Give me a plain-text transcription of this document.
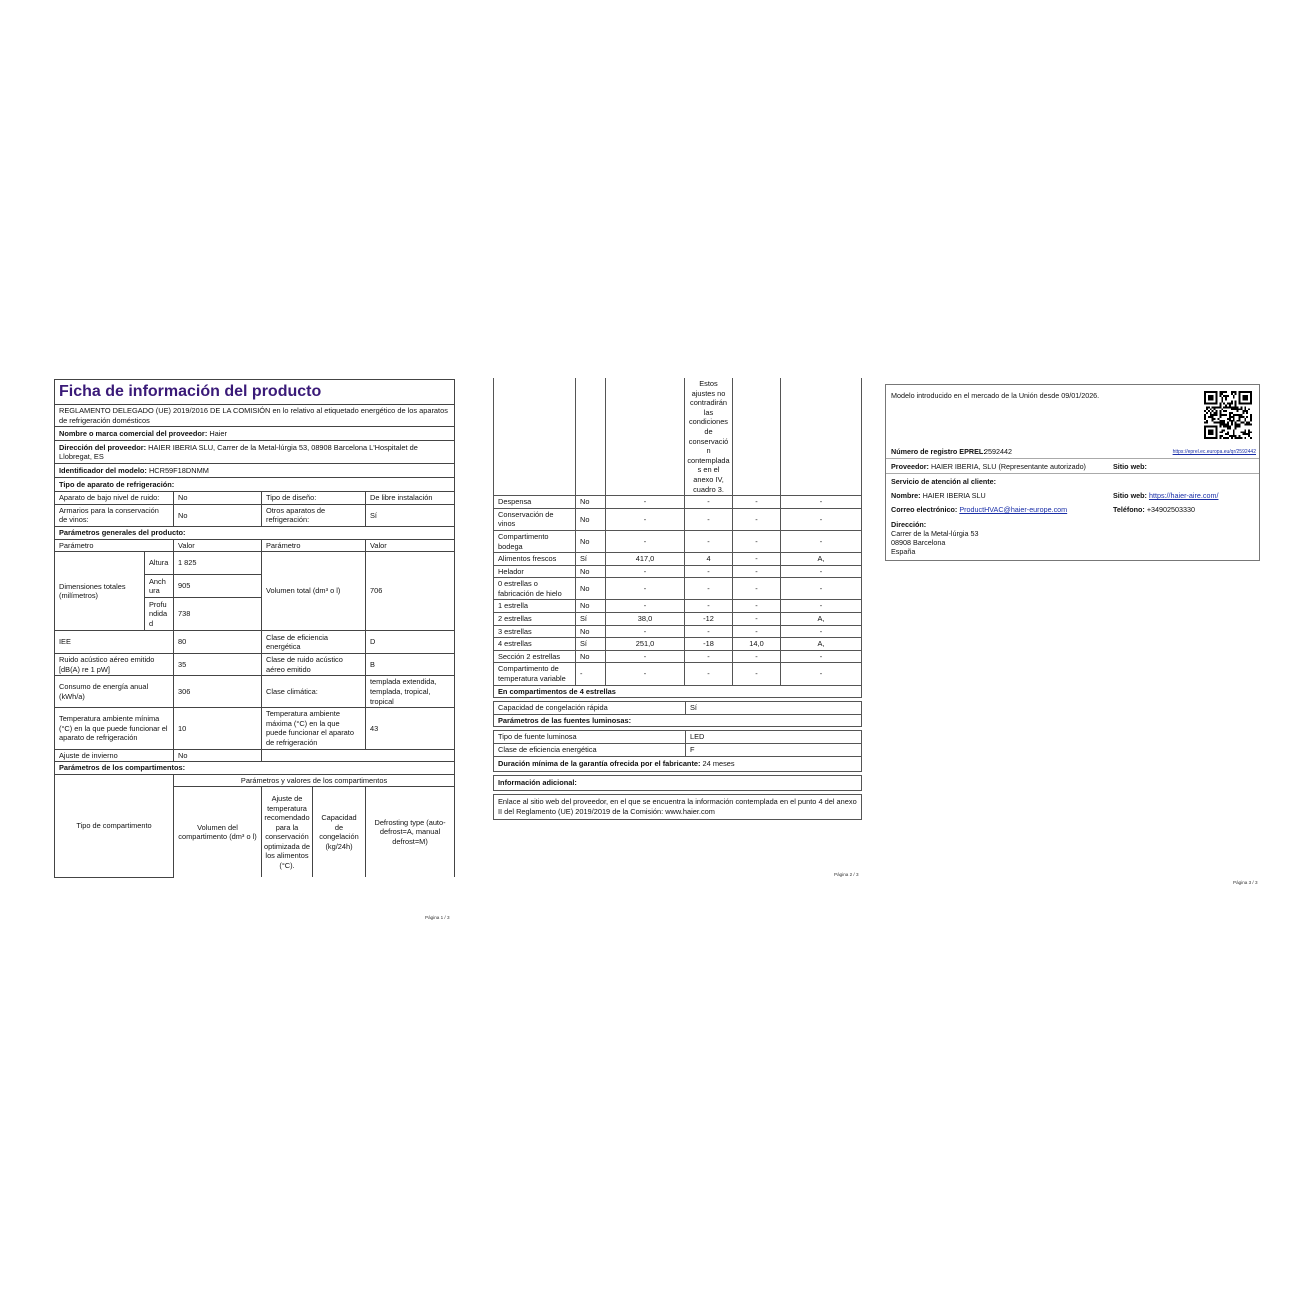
Ficha de información del producto				
REGLAMENTO DELEGADO (UE) 2019/2016 DE LA COMISIÓN en lo relativo al etiquetado energético de los aparatos de refrigeración domésticos				
Nombre o marca comercial del proveedor: Haier				
Dirección del proveedor: HAIER IBERIA SLU, Carrer de la Metal-lúrgia 53, 08908 Barcelona L'Hospitalet de Llobregat, ES				
Identificador del modelo: HCR59F18DNMM				
Tipo de aparato de refrigeración:				
Aparato de bajo nivel de ruido:		No	Tipo de diseño:	De libre instalación
Armarios para la conservación de vinos:		No	Otros aparatos de refrigeración:	Sí
Parámetros generales del producto:				
Parámetro		Valor	Parámetro	Valor
Dimensiones totales (milímetros)	Altura	1 825	Volumen total (dm³ o l)	706
	Anchura	905		
	Profundidad	738		
IEE		80	Clase de eficiencia energética	D
Ruido acústico aéreo emitido [dB(A) re 1 pW]		35	Clase de ruido acústico aéreo emitido	B
Consumo de energía anual (kWh/a)		306	Clase climática:	templada extendida, templada, tropical, tropical
Temperatura ambiente mínima (°C) en la que puede funcionar el aparato de refrigeración		10	Temperatura ambiente máxima (°C) en la que puede funcionar el aparato de refrigeración	43
Ajuste de invierno		No		
Parámetros de los compartimentos:				
Tipo de compartimento	Parámetros y valores de los compartimentos			
	Volumen del compartimento (dm³ o l)	Ajuste de temperatura recomendado para la conservación optimizada de los alimentos (°C).	Capacidad de congelación (kg/24h)	Defrosting type (auto-defrost=A, manual defrost=M)
Página 1 / 3
			Estos ajustes no contradirán las condiciones de conservación contempladas en el anexo IV, cuadro 3.		
Despensa	No	-	-	-	-
Conservación de vinos	No	-	-	-	-
Compartimento bodega	No	-	-	-	-
Alimentos frescos	Sí	417,0	4	-	A,
Helador	No	-	-	-	-
0 estrellas o fabricación de hielo	No	-	-	-	-
1 estrella	No	-	-	-	-
2 estrellas	Sí	38,0	-12	-	A,
3 estrellas	No	-	-	-	-
4 estrellas	Sí	251,0	-18	14,0	A,
Sección 2 estrellas	No	-	-	-	-
Compartimento de temperatura variable	-	-	-	-	-
En compartimentos de 4 estrellas	

Capacidad de congelación rápida	Sí
Parámetros de las fuentes luminosas:	

Tipo de fuente luminosa	LED
Clase de eficiencia energética	F
Duración mínima de la garantía ofrecida por el fabricante: 24 meses	

Información adicional:	

Enlace al sitio web del proveedor, en el que se encuentra la información contemplada en el punto 4 del anexo II del Reglamento (UE) 2019/2019 de la Comisión: www.haier.com	
Página 2 / 3
Modelo introducido en el mercado de la Unión desde 09/01/2026.
Número de registro EPREL:
2592442	https://eprel.ec.europa.eu/qr/2592442
Proveedor: HAIER IBERIA, SLU (Representante autorizado)	Sitio web:
Servicio de atención al cliente:
Nombre: HAIER IBERIA SLU	Sitio web: https://haier-aire.com/
Correo electrónico: ProductHVAC@haier-europe.com	Teléfono: +34902503330
Dirección:
Carrer de la Metal-lúrgia 53
08908 Barcelona
España
Página 3 / 3
